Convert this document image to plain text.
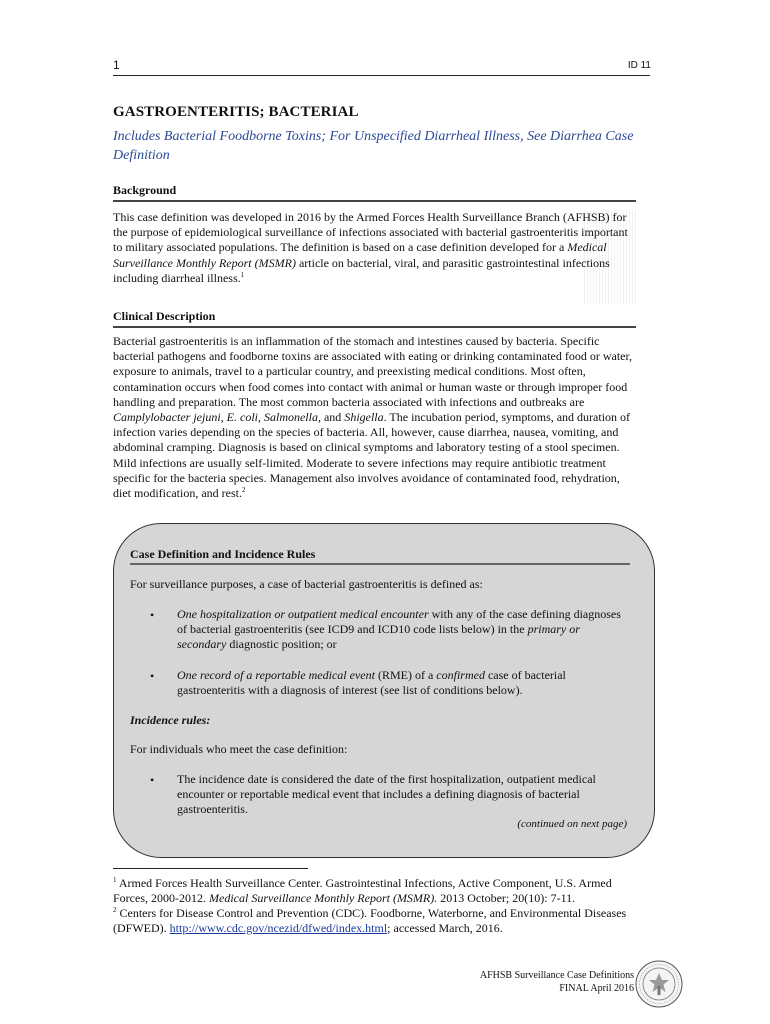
1	ID 11
GASTROENTERITIS; BACTERIAL
Includes Bacterial Foodborne Toxins; For Unspecified Diarrheal Illness, See Diarrhea Case Definition
Background
This case definition was developed in 2016 by the Armed Forces Health Surveillance Branch (AFHSB) for the purpose of epidemiological surveillance of infections associated with bacterial gastroenteritis important to military associated populations. The definition is based on a case definition developed for a Medical Surveillance Monthly Report (MSMR) article on bacterial, viral, and parasitic gastrointestinal infections including diarrheal illness.$^1$
Clinical Description
Bacterial gastroenteritis is an inflammation of the stomach and intestines caused by bacteria. Specific bacterial pathogens and foodborne toxins are associated with eating or drinking contaminated food or water, exposure to animals, travel to a particular country, and preexisting medical conditions. Most often, contamination occurs when food comes into contact with animal or human waste or through improper food handling and preparation. The most common bacteria associated with infections and outbreaks are Camplylobacter jejuni, E. coli, Salmonella, and Shigella. The incubation period, symptoms, and duration of infection varies depending on the species of bacteria. All, however, cause diarrhea, nausea, vomiting, and abdominal cramping. Diagnosis is based on clinical symptoms and laboratory testing of a stool specimen. Mild infections are usually self-limited. Moderate to severe infections may require antibiotic treatment specific for the bacteria species. Management also involves avoidance of contaminated food, rehydration, diet modification, and rest.$^2$
Case Definition and Incidence Rules
For surveillance purposes, a case of bacterial gastroenteritis is defined as:
• One hospitalization or outpatient medical encounter with any of the case defining diagnoses of bacterial gastroenteritis (see ICD9 and ICD10 code lists below) in the primary or secondary diagnostic position; or
• One record of a reportable medical event (RME) of a confirmed case of bacterial gastroenteritis with a diagnosis of interest (see list of conditions below).
Incidence rules:
For individuals who meet the case definition:
• The incidence date is considered the date of the first hospitalization, outpatient medical encounter or reportable medical event that includes a defining diagnosis of bacterial gastroenteritis.
(continued on next page)
$^1$ Armed Forces Health Surveillance Center. Gastrointestinal Infections, Active Component, U.S. Armed Forces, 2000-2012. Medical Surveillance Monthly Report (MSMR). 2013 October; 20(10): 7-11.
$^2$ Centers for Disease Control and Prevention (CDC). Foodborne, Waterborne, and Environmental Diseases (DFWED). http://www.cdc.gov/ncezid/dfwed/index.html; accessed March, 2016.
AFHSB Surveillance Case Definitions
FINAL April 2016
